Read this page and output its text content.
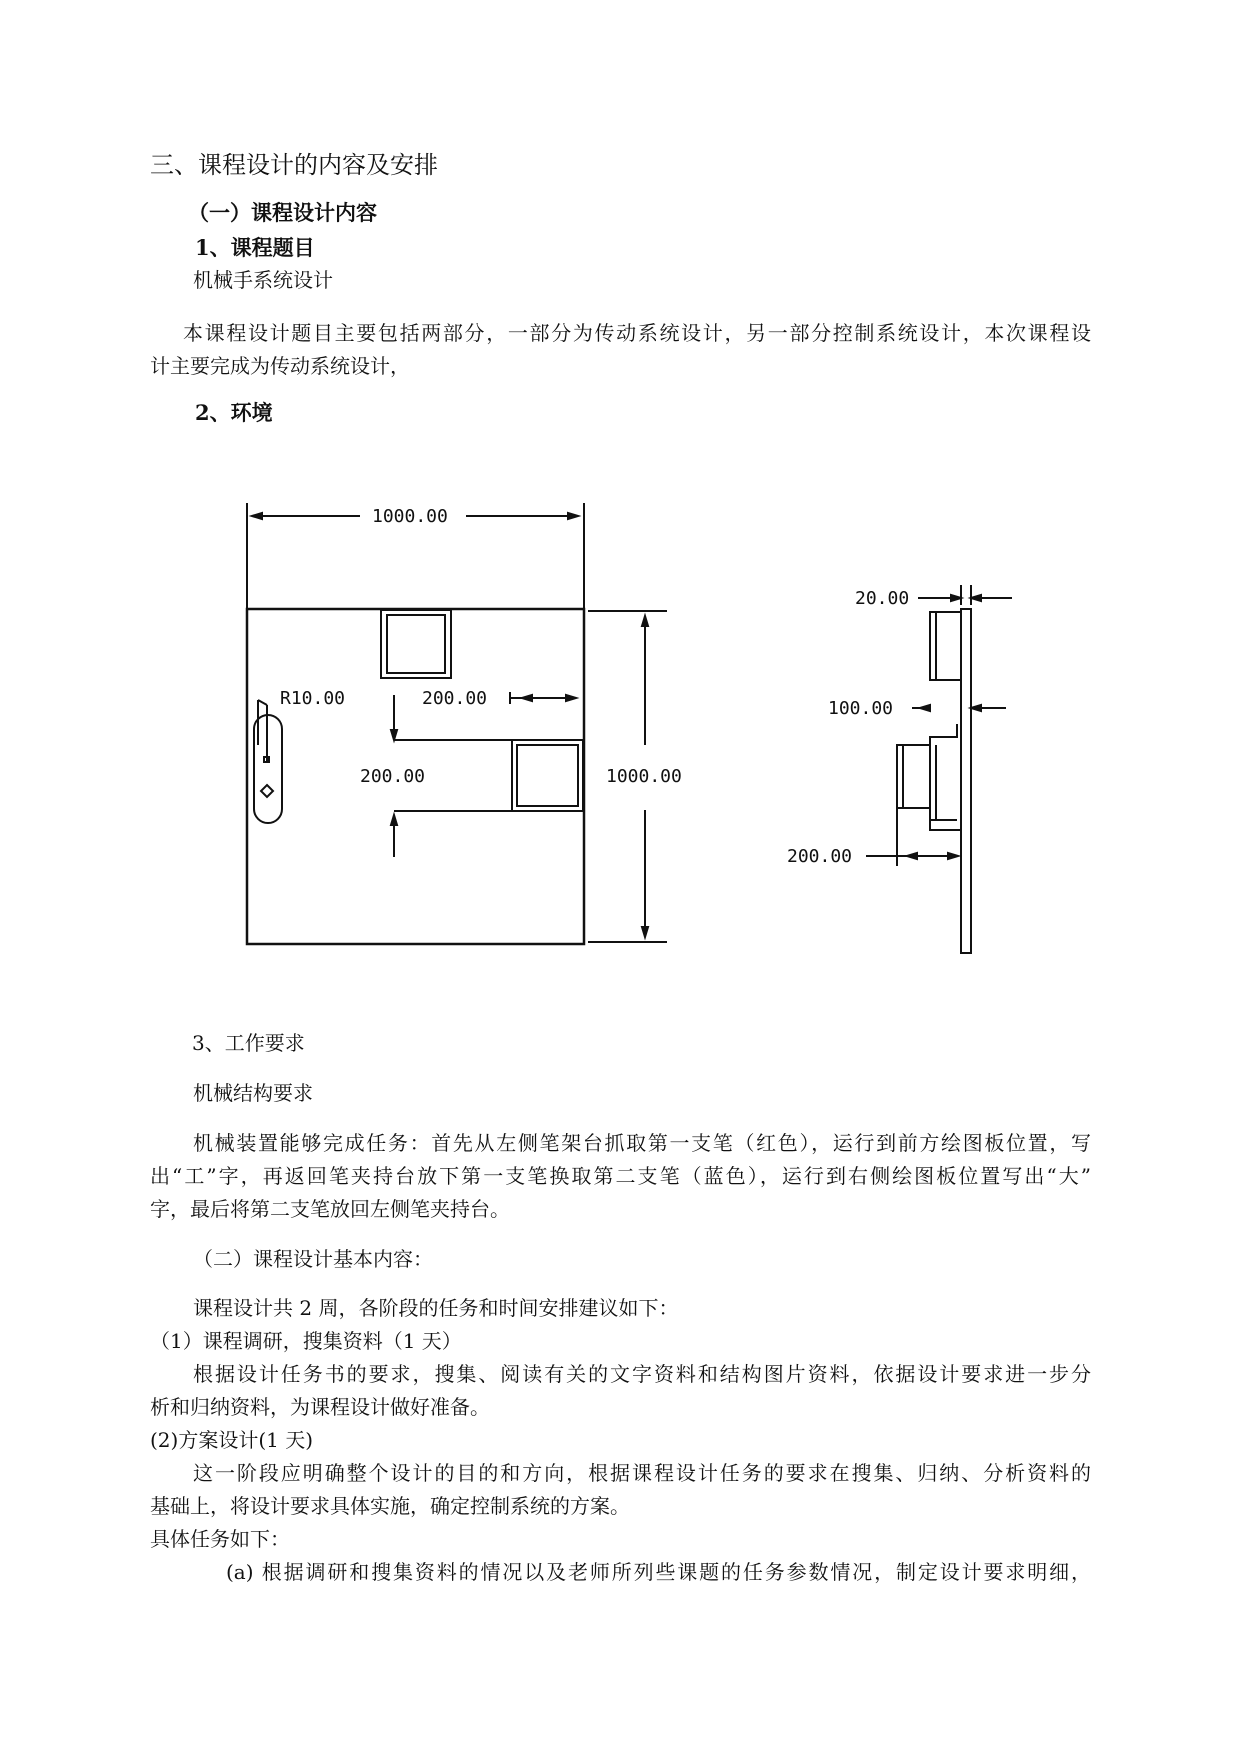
三、课程设计的内容及安排
（一）课程设计内容
1、课程题目
机械手系统设计
本课程设计题目主要包括两部分，一部分为传动系统设计，另一部分控制系统设计，本次课程设
计主要完成为传动系统设计，
2、环境
1000.00
R10.00	200.00
200.00	1000.00
20.00
100.00
200.00
3、工作要求
机械结构要求
机械装置能够完成任务：首先从左侧笔架台抓取第一支笔（红色），运行到前方绘图板位置，写
出“工”字，再返回笔夹持台放下第一支笔换取第二支笔（蓝色），运行到右侧绘图板位置写出“大”
字，最后将第二支笔放回左侧笔夹持台。
（二）课程设计基本内容：
课程设计共 2 周，各阶段的任务和时间安排建议如下：
（1）课程调研，搜集资料（1 天）
根据设计任务书的要求，搜集、阅读有关的文字资料和结构图片资料，依据设计要求进一步分
析和归纳资料，为课程设计做好准备。
(2)方案设计(1 天)
这一阶段应明确整个设计的目的和方向，根据课程设计任务的要求在搜集、归纳、分析资料的
基础上，将设计要求具体实施，确定控制系统的方案。
具体任务如下：
(a) 根据调研和搜集资料的情况以及老师所列些课题的任务参数情况，制定设计要求明细，
